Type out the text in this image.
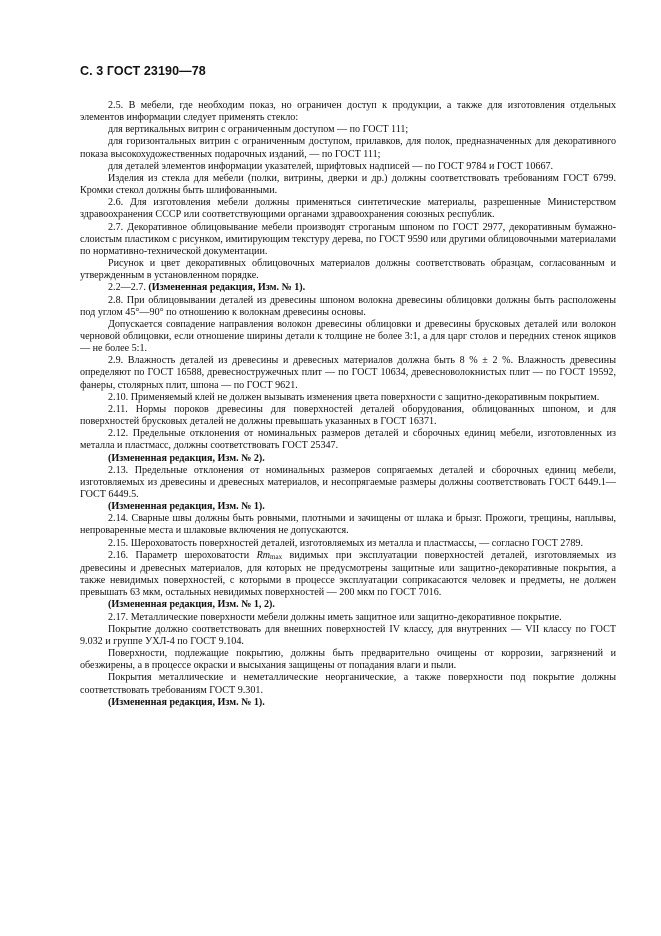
С. 3 ГОСТ 23190—78

2.5. В мебели, где необходим показ, но ограничен доступ к продукции, а также для изготовления отдельных элементов информации следует применять стекло:

для вертикальных витрин с ограниченным доступом — по ГОСТ 111;

для горизонтальных витрин с ограниченным доступом, прилавков, для полок, предназначенных для декоративного показа высокохудожественных подарочных изданий, — по ГОСТ 111;

для деталей элементов информации указателей, шрифтовых надписей — по ГОСТ 9784 и ГОСТ 10667.

Изделия из стекла для мебели (полки, витрины, дверки и др.) должны соответствовать требованиям ГОСТ 6799. Кромки стекол должны быть шлифованными.

2.6. Для изготовления мебели должны применяться синтетические материалы, разрешенные Министерством здравоохранения СССР или соответствующими органами здравоохранения союзных республик.

2.7. Декоративное облицовывание мебели производят строганым шпоном по ГОСТ 2977, декоративным бумажно-слоистым пластиком с рисунком, имитирующим текстуру дерева, по ГОСТ 9590 или другими облицовочными материалами по нормативно-технической документации.

Рисунок и цвет декоративных облицовочных материалов должны соответствовать образцам, согласованным и утвержденным в установленном порядке.

2.2—2.7. (Измененная редакция, Изм. № 1).

2.8. При облицовывании деталей из древесины шпоном волокна древесины облицовки должны быть расположены под углом 45°—90° по отношению к волокнам древесины основы.

Допускается совпадение направления волокон древесины облицовки и древесины брусковых деталей или волокон черновой облицовки, если отношение ширины детали к толщине не более 3:1, а для царг столов и передних стенок ящиков — не более 5:1.

2.9. Влажность деталей из древесины и древесных материалов должна быть 8 % ± 2 %. Влажность древесины определяют по ГОСТ 16588, древесностружечных плит — по ГОСТ 10634, древесноволокнистых плит — по ГОСТ 19592, фанеры, столярных плит, шпона — по ГОСТ 9621.

2.10. Применяемый клей не должен вызывать изменения цвета поверхности с защитно-декоративным покрытием.

2.11. Нормы пороков древесины для поверхностей деталей оборудования, облицованных шпоном, и для поверхностей брусковых деталей не должны превышать указанных в ГОСТ 16371.

2.12. Предельные отклонения от номинальных размеров деталей и сборочных единиц мебели, изготовленных из металла и пластмасс, должны соответствовать ГОСТ 25347.

(Измененная редакция, Изм. № 2).

2.13. Предельные отклонения от номинальных размеров сопрягаемых деталей и сборочных единиц мебели, изготовляемых из древесины и древесных материалов, и несопрягаемые размеры должны соответствовать ГОСТ 6449.1—ГОСТ 6449.5.

(Измененная редакция, Изм. № 1).

2.14. Сварные швы должны быть ровными, плотными и зачищены от шлака и брызг. Прожоги, трещины, наплывы, непроваренные места и шлаковые включения не допускаются.

2.15. Шероховатость поверхностей деталей, изготовляемых из металла и пластмассы, — согласно ГОСТ 2789.

2.16. Параметр шероховатости $Rm_{max}$ видимых при эксплуатации поверхностей деталей, изготовляемых из древесины и древесных материалов, для которых не предусмотрены защитные или защитно-декоративные покрытия, а также невидимых поверхностей, с которыми в процессе эксплуатации соприкасаются человек и предметы, не должен превышать 63 мкм, остальных невидимых поверхностей — 200 мкм по ГОСТ 7016.

(Измененная редакция, Изм. № 1, 2).

2.17. Металлические поверхности мебели должны иметь защитное или защитно-декоративное покрытие.

Покрытие должно соответствовать для внешних поверхностей IV классу, для внутренних — VII классу по ГОСТ 9.032 и группе УХЛ-4 по ГОСТ 9.104.

Поверхности, подлежащие покрытию, должны быть предварительно очищены от коррозии, загрязнений и обезжирены, а в процессе окраски и высыхания защищены от попадания влаги и пыли.

Покрытия металлические и неметаллические неорганические, а также поверхности под покрытие должны соответствовать требованиям ГОСТ 9.301.

(Измененная редакция, Изм. № 1).
